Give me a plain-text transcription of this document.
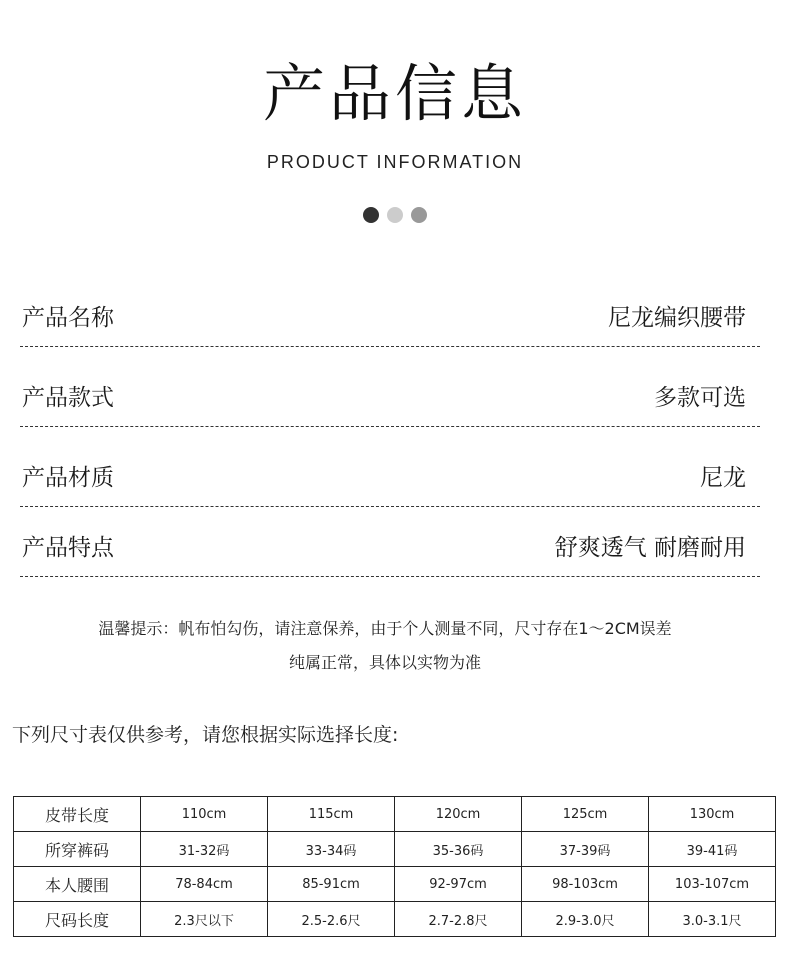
产品信息
PRODUCT INFORMATION
产品名称	尼龙编织腰带
产品款式	多款可选
产品材质	尼龙
产品特点	舒爽透气 耐磨耐用
温馨提示：帆布怕勾伤，请注意保养，由于个人测量不同，尺寸存在1～2CM误差
纯属正常，具体以实物为准
下列尺寸表仅供参考，请您根据实际选择长度:
皮带长度	110cm	115cm	120cm	125cm	130cm
所穿裤码	31-32码	33-34码	35-36码	37-39码	39-41码
本人腰围	78-84cm	85-91cm	92-97cm	98-103cm	103-107cm
尺码长度	2.3尺以下	2.5-2.6尺	2.7-2.8尺	2.9-3.0尺	3.0-3.1尺
